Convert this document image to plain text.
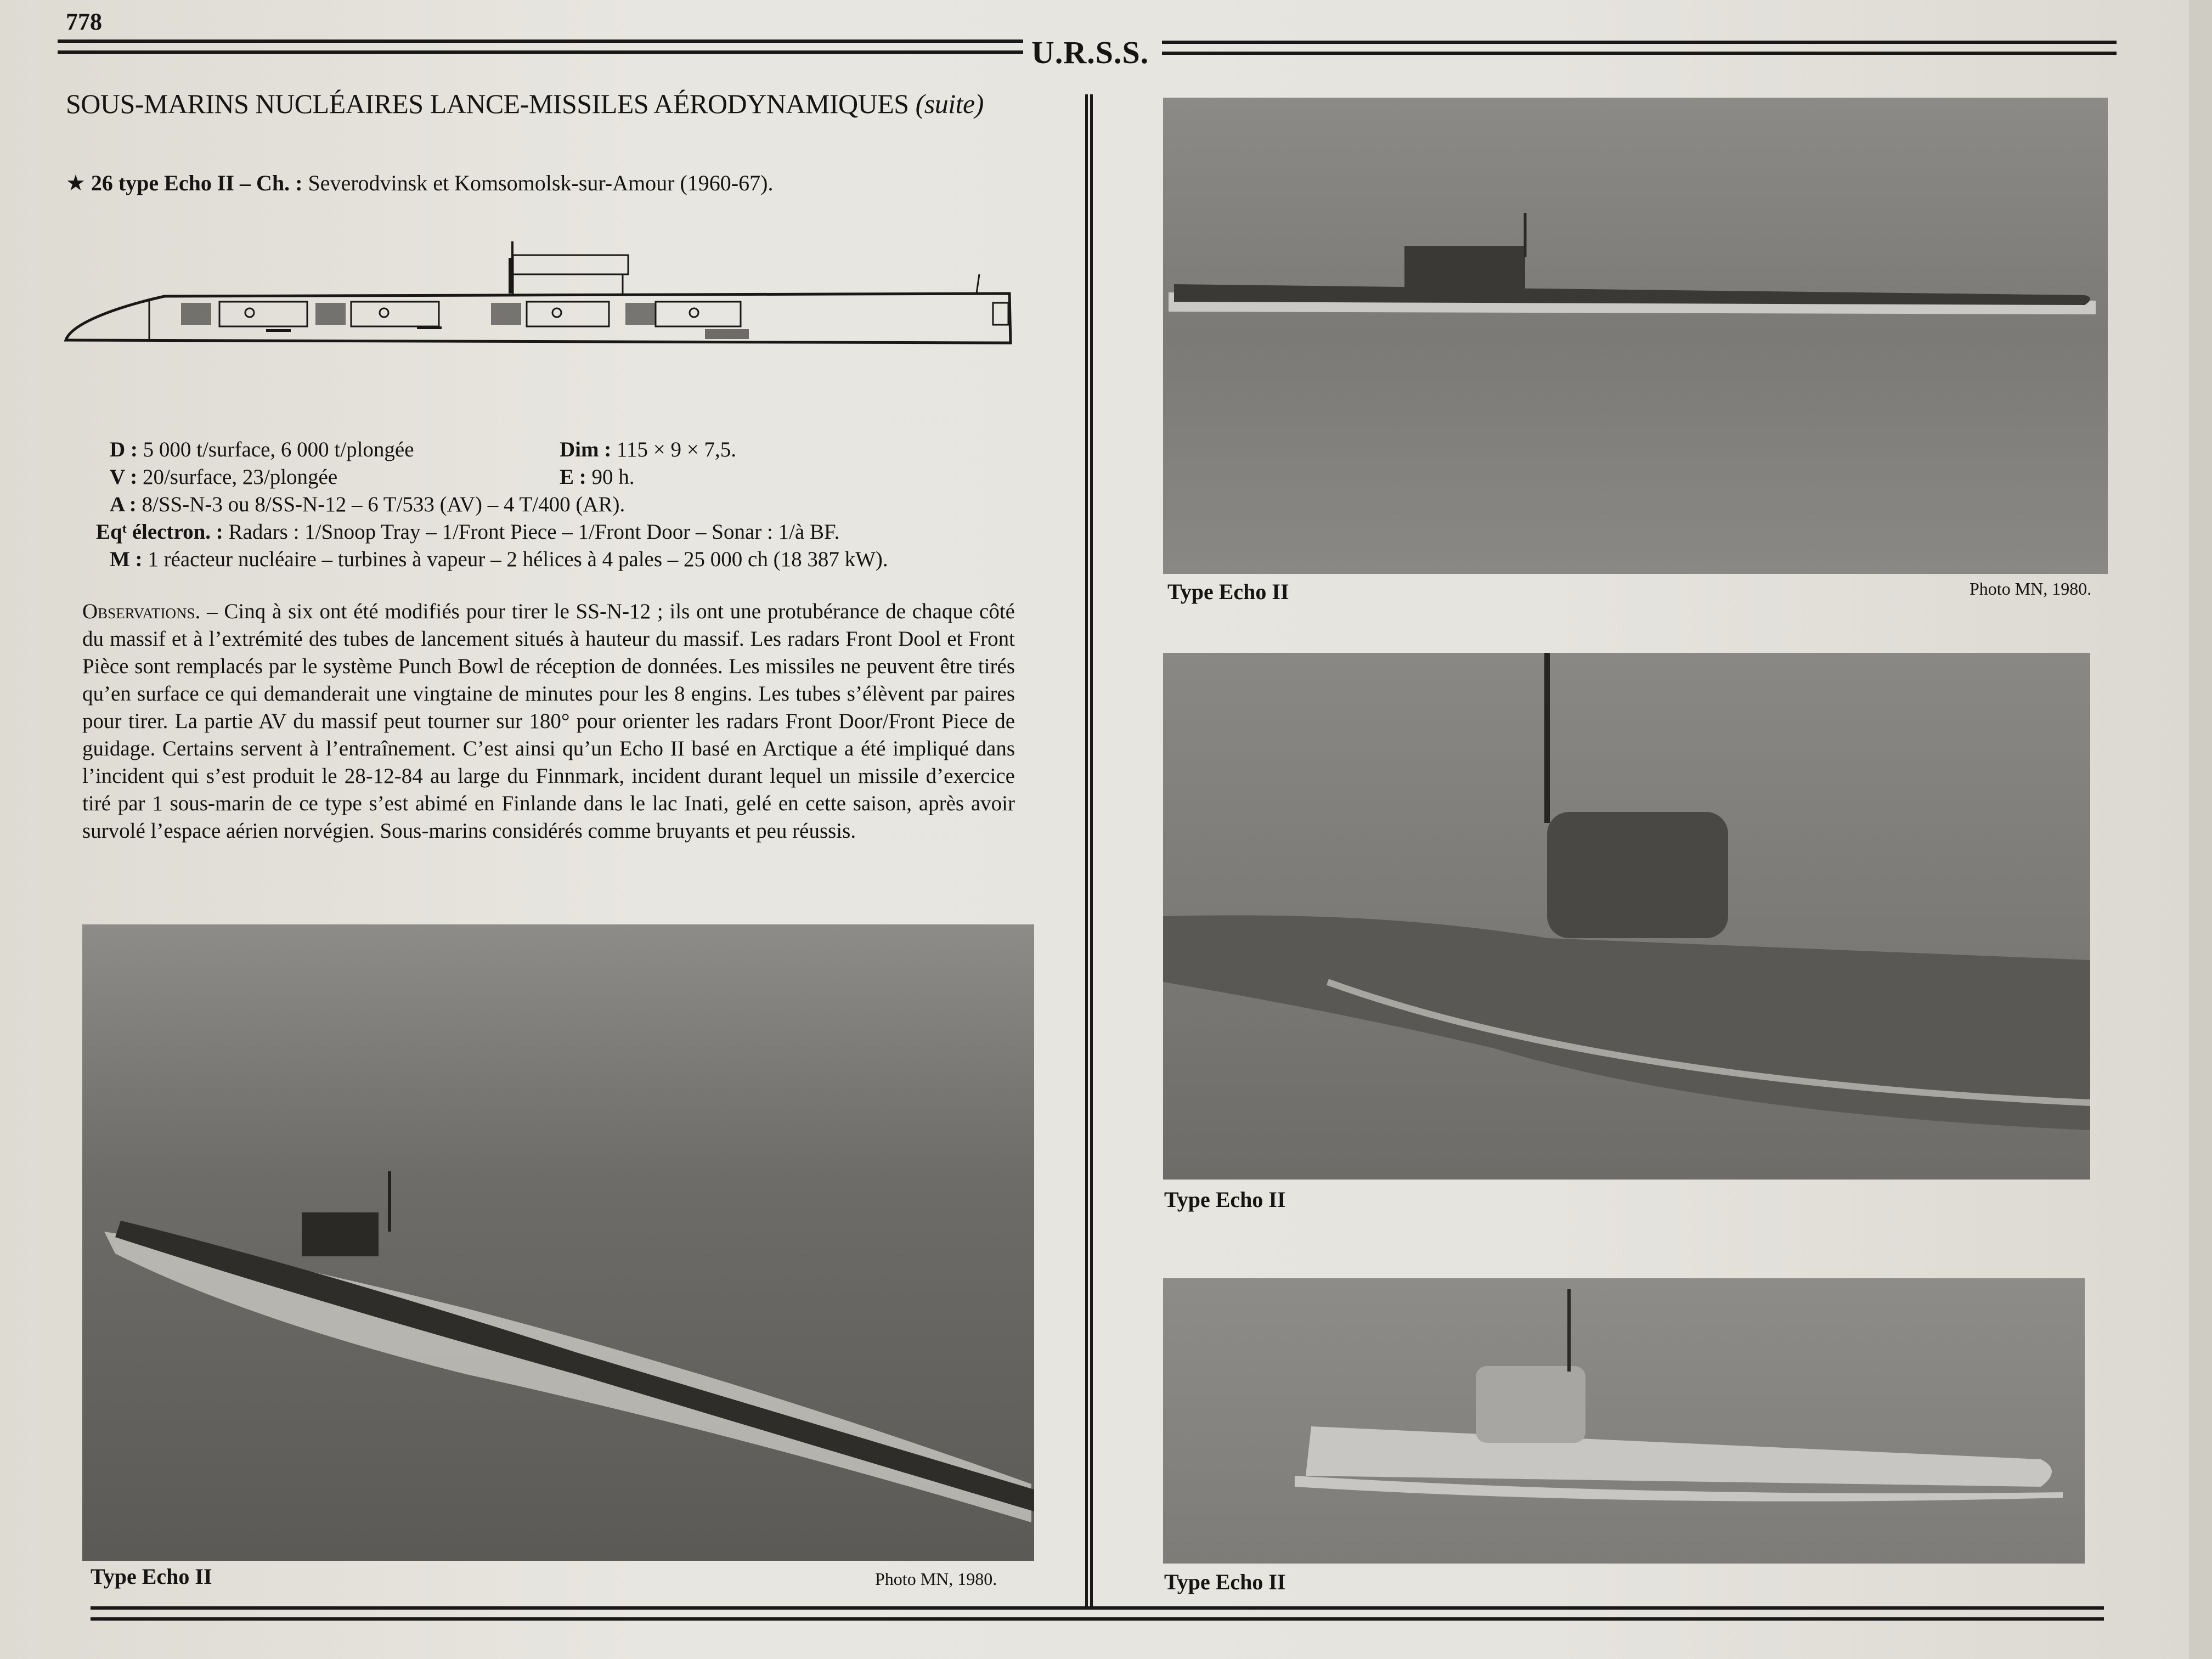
778
U.R.S.S.
SOUS-MARINS NUCLÉAIRES LANCE-MISSILES AÉRODYNAMIQUES (suite)
★ 26 type Echo II – Ch. : Severodvinsk et Komsomolsk-sur-Amour (1960-67).
D : 5 000 t/surface, 6 000 t/plongée	Dim : 115 × 9 × 7,5.
V : 20/surface, 23/plongée	E : 90 h.
A : 8/SS-N-3 ou 8/SS-N-12 – 6 T/533 (AV) – 4 T/400 (AR).
Eqᵗ électron. : Radars : 1/Snoop Tray – 1/Front Piece – 1/Front Door – Sonar : 1/à BF.
M : 1 réacteur nucléaire – turbines à vapeur – 2 hélices à 4 pales – 25 000 ch (18 387 kW).
Observations. – Cinq à six ont été modifiés pour tirer le SS-N-12 ; ils ont une protubérance de chaque côté du massif et à l’extrémité des tubes de lancement situés à hauteur du massif. Les radars Front Dool et Front Pièce sont remplacés par le système Punch Bowl de réception de données. Les missiles ne peuvent être tirés qu’en surface ce qui demanderait une vingtaine de minutes pour les 8 engins. Les tubes s’élèvent par paires pour tirer. La partie AV du massif peut tourner sur 180° pour orienter les radars Front Door/Front Piece de guidage. Certains servent à l’entraînement. C’est ainsi qu’un Echo II basé en Arctique a été impliqué dans l’incident qui s’est produit le 28-12-84 au large du Finnmark, incident durant lequel un missile d’exercice tiré par 1 sous-marin de ce type s’est abimé en Finlande dans le lac Inati, gelé en cette saison, après avoir survolé l’espace aérien norvégien. Sous-marins considérés comme bruyants et peu réussis.
Type Echo II	Photo MN, 1980.
Type Echo II	Photo MN, 1980.
Type Echo II
Type Echo II
